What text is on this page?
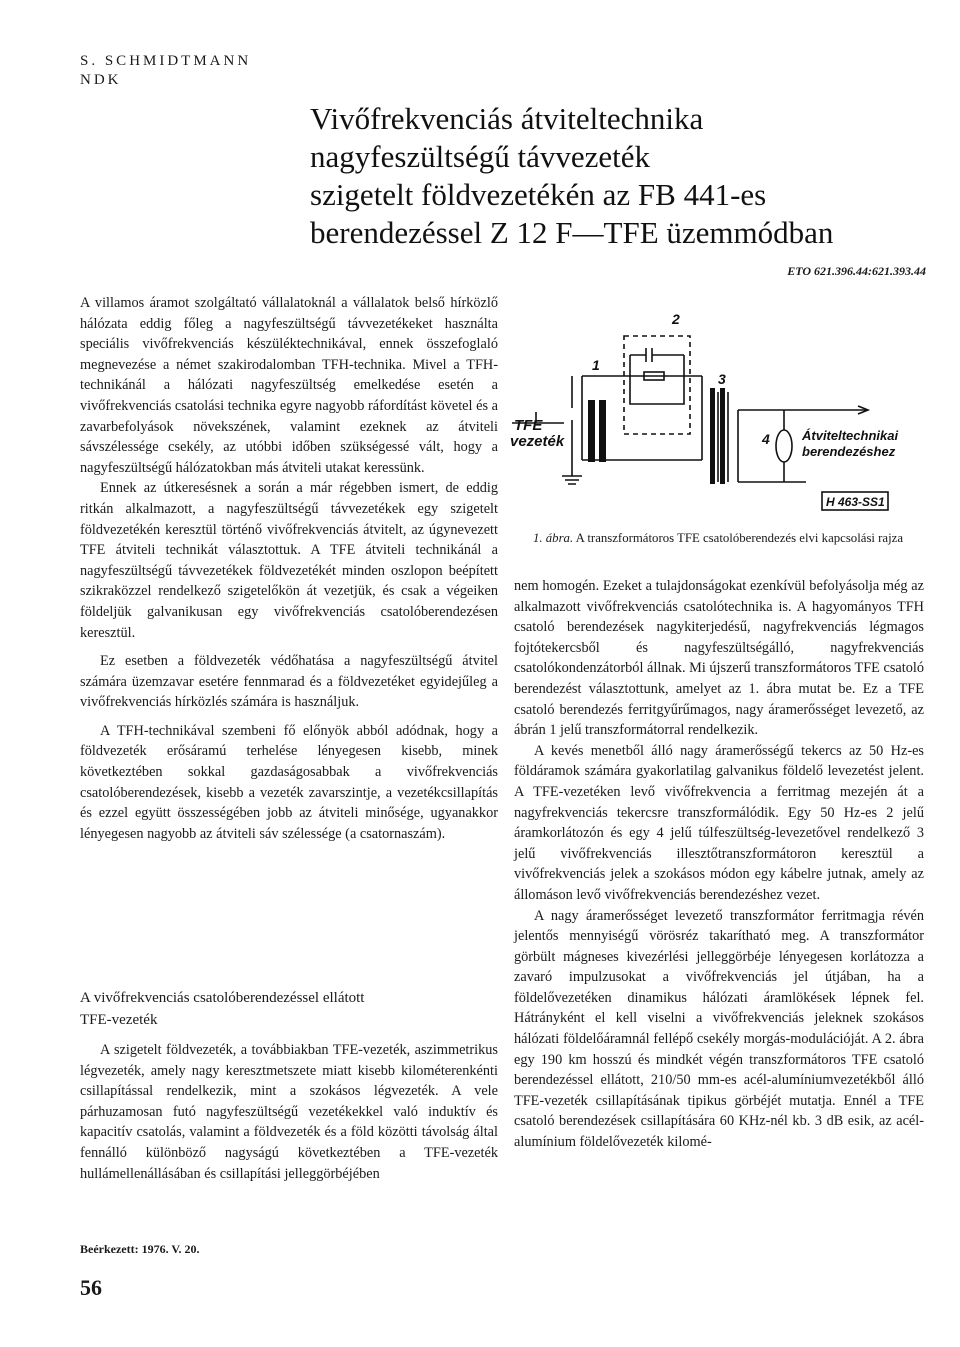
S. SCHMIDTMANN
NDK
Vivőfrekvenciás átviteltechnika
nagyfeszültségű távvezeték
szigetelt földvezetékén az FB 441-es
berendezéssel Z 12 F—TFE üzemmódban
ETO 621.396.44:621.393.44

A villamos áramot szolgáltató vállalatoknál a vállalatok belső hírközlő hálózata eddig főleg a nagyfeszültségű távvezetékeket használta speciális vivőfrekvenciás készüléktechnikával, ennek összefoglaló megnevezése a német szakirodalomban TFH-technika. Mivel a TFH-technikánál a hálózati nagyfeszültség emelkedése esetén a vivőfrekvenciás csatolási technika egyre nagyobb ráfordítást követel és a zavarbefolyások növekszének, valamint ezeknek az átviteli sávszélessége csekély, az utóbbi időben szükségessé vált, hogy a nagyfeszültségű hálózatokban más átviteli utakat keressünk.

Ennek az útkeresésnek a során a már régebben ismert, de eddig ritkán alkalmazott, a nagyfeszültségű távvezetékek egy szigetelt földvezetékén keresztül történő vivőfrekvenciás átvitelt, az úgynevezett TFE átviteli technikát választottuk. A TFE átviteli technikánál a nagyfeszültségű távvezetékek földvezetékét minden oszlopon beépített szikraközzel rendelkező szigetelőkön át vezetjük, és csak a végeiken földeljük galvanikusan egy vivőfrekvenciás csatolóberendezésen keresztül.

Ez esetben a földvezeték védőhatása a nagyfeszültségű átvitel számára üzemzavar esetére fennmarad és a földvezetéket egyidejűleg a vivőfrekvenciás hírközlés számára is használjuk.

A TFH-technikával szembeni fő előnyök abból adódnak, hogy a földvezeték erősáramú terhelése lényegesen kisebb, minek következtében sokkal gazdaságosabbak a vivőfrekvenciás csatolóberendezések, kisebb a vezeték zavarszintje, a vezetékcsillapítás és ezzel együtt összességében jobb az átviteli minősége, ugyanakkor lényegesen nagyobb az átviteli sáv szélessége (a csatornaszám).

A vivőfrekvenciás csatolóberendezéssel ellátott
TFE-vezeték

A szigetelt földvezeték, a továbbiakban TFE-vezeték, aszimmetrikus légvezeték, amely nagy keresztmetszete miatt kisebb kilométerenkénti csillapítással rendelkezik, mint a szokásos légvezeték. A vele párhuzamosan futó nagyfeszültségű vezetékekkel való induktív és kapacitív csatolás, valamint a földvezeték és a föld közötti távolság által fennálló különböző nagyságú következtében a TFE-vezeték hullámellenállásában és csillapítási jelleggörbéjében

Beérkezett: 1976. V. 20.
56
2
1
3
4
TFE
vezeték	Átviteltechnikai
berendezéshez
H 463-SS1
1. ábra. A transzformátoros TFE csatolóberendezés elvi kapcsolási rajza

nem homogén. Ezeket a tulajdonságokat ezenkívül befolyásolja még az alkalmazott vivőfrekvenciás csatolótechnika is. A hagyományos TFH csatoló berendezések nagykiterjedésű, nagyfrekvenciás légmagos fojtótekercsből és nagyfeszültségálló, nagyfrekvenciás csatolókondenzátorból állnak. Mi újszerű transzformátoros TFE csatoló berendezést választottunk, amelyet az 1. ábra mutat be. Ez a TFE csatoló berendezés ferritgyűrűmagos, nagy áramerősséget levezető, az ábrán 1 jelű transzformátorral rendelkezik.

A kevés menetből álló nagy áramerősségű tekercs az 50 Hz-es földáramok számára gyakorlatilag galvanikus földelő levezetést jelent. A TFE-vezetéken levő vivőfrekvencia a ferritmag mezején át a nagyfrekvenciás tekercsre transzformálódik. Egy 50 Hz-es 2 jelű áramkorlátozón és egy 4 jelű túlfeszültség-levezetővel rendelkező 3 jelű vivőfrekvenciás illesztőtranszformátoron keresztül a vivőfrekvenciás jelek a szokásos módon egy kábelre jutnak, amely az állomáson levő vivőfrekvenciás berendezéshez vezet.

A nagy áramerősséget levezető transzformátor ferritmagja révén jelentős mennyiségű vörösréz takarítható meg. A transzformátor görbült mágneses kivezérlési jelleggörbéje lényegesen korlátozza a zavaró impulzusokat a vivőfrekvenciás jel útjában, ha a földelővezetéken dinamikus hálózati áramlökések lépnek fel. Hátrányként el kell viselni a vivőfrekvenciás jeleknek szokásos hálózati földelőáramnál fellépő csekély morgás-modulációját. A 2. ábra egy 190 km hosszú és mindkét végén transzformátoros TFE csatoló berendezéssel ellátott, 210/50 mm-es acél-alumíniumvezetékből álló TFE-vezeték csillapításának tipikus görbéjét mutatja. Ennél a TFE csatoló berendezések csillapítására 60 KHz-nél kb. 3 dB esik, az acél-alumínium földelővezeték kilomé-
